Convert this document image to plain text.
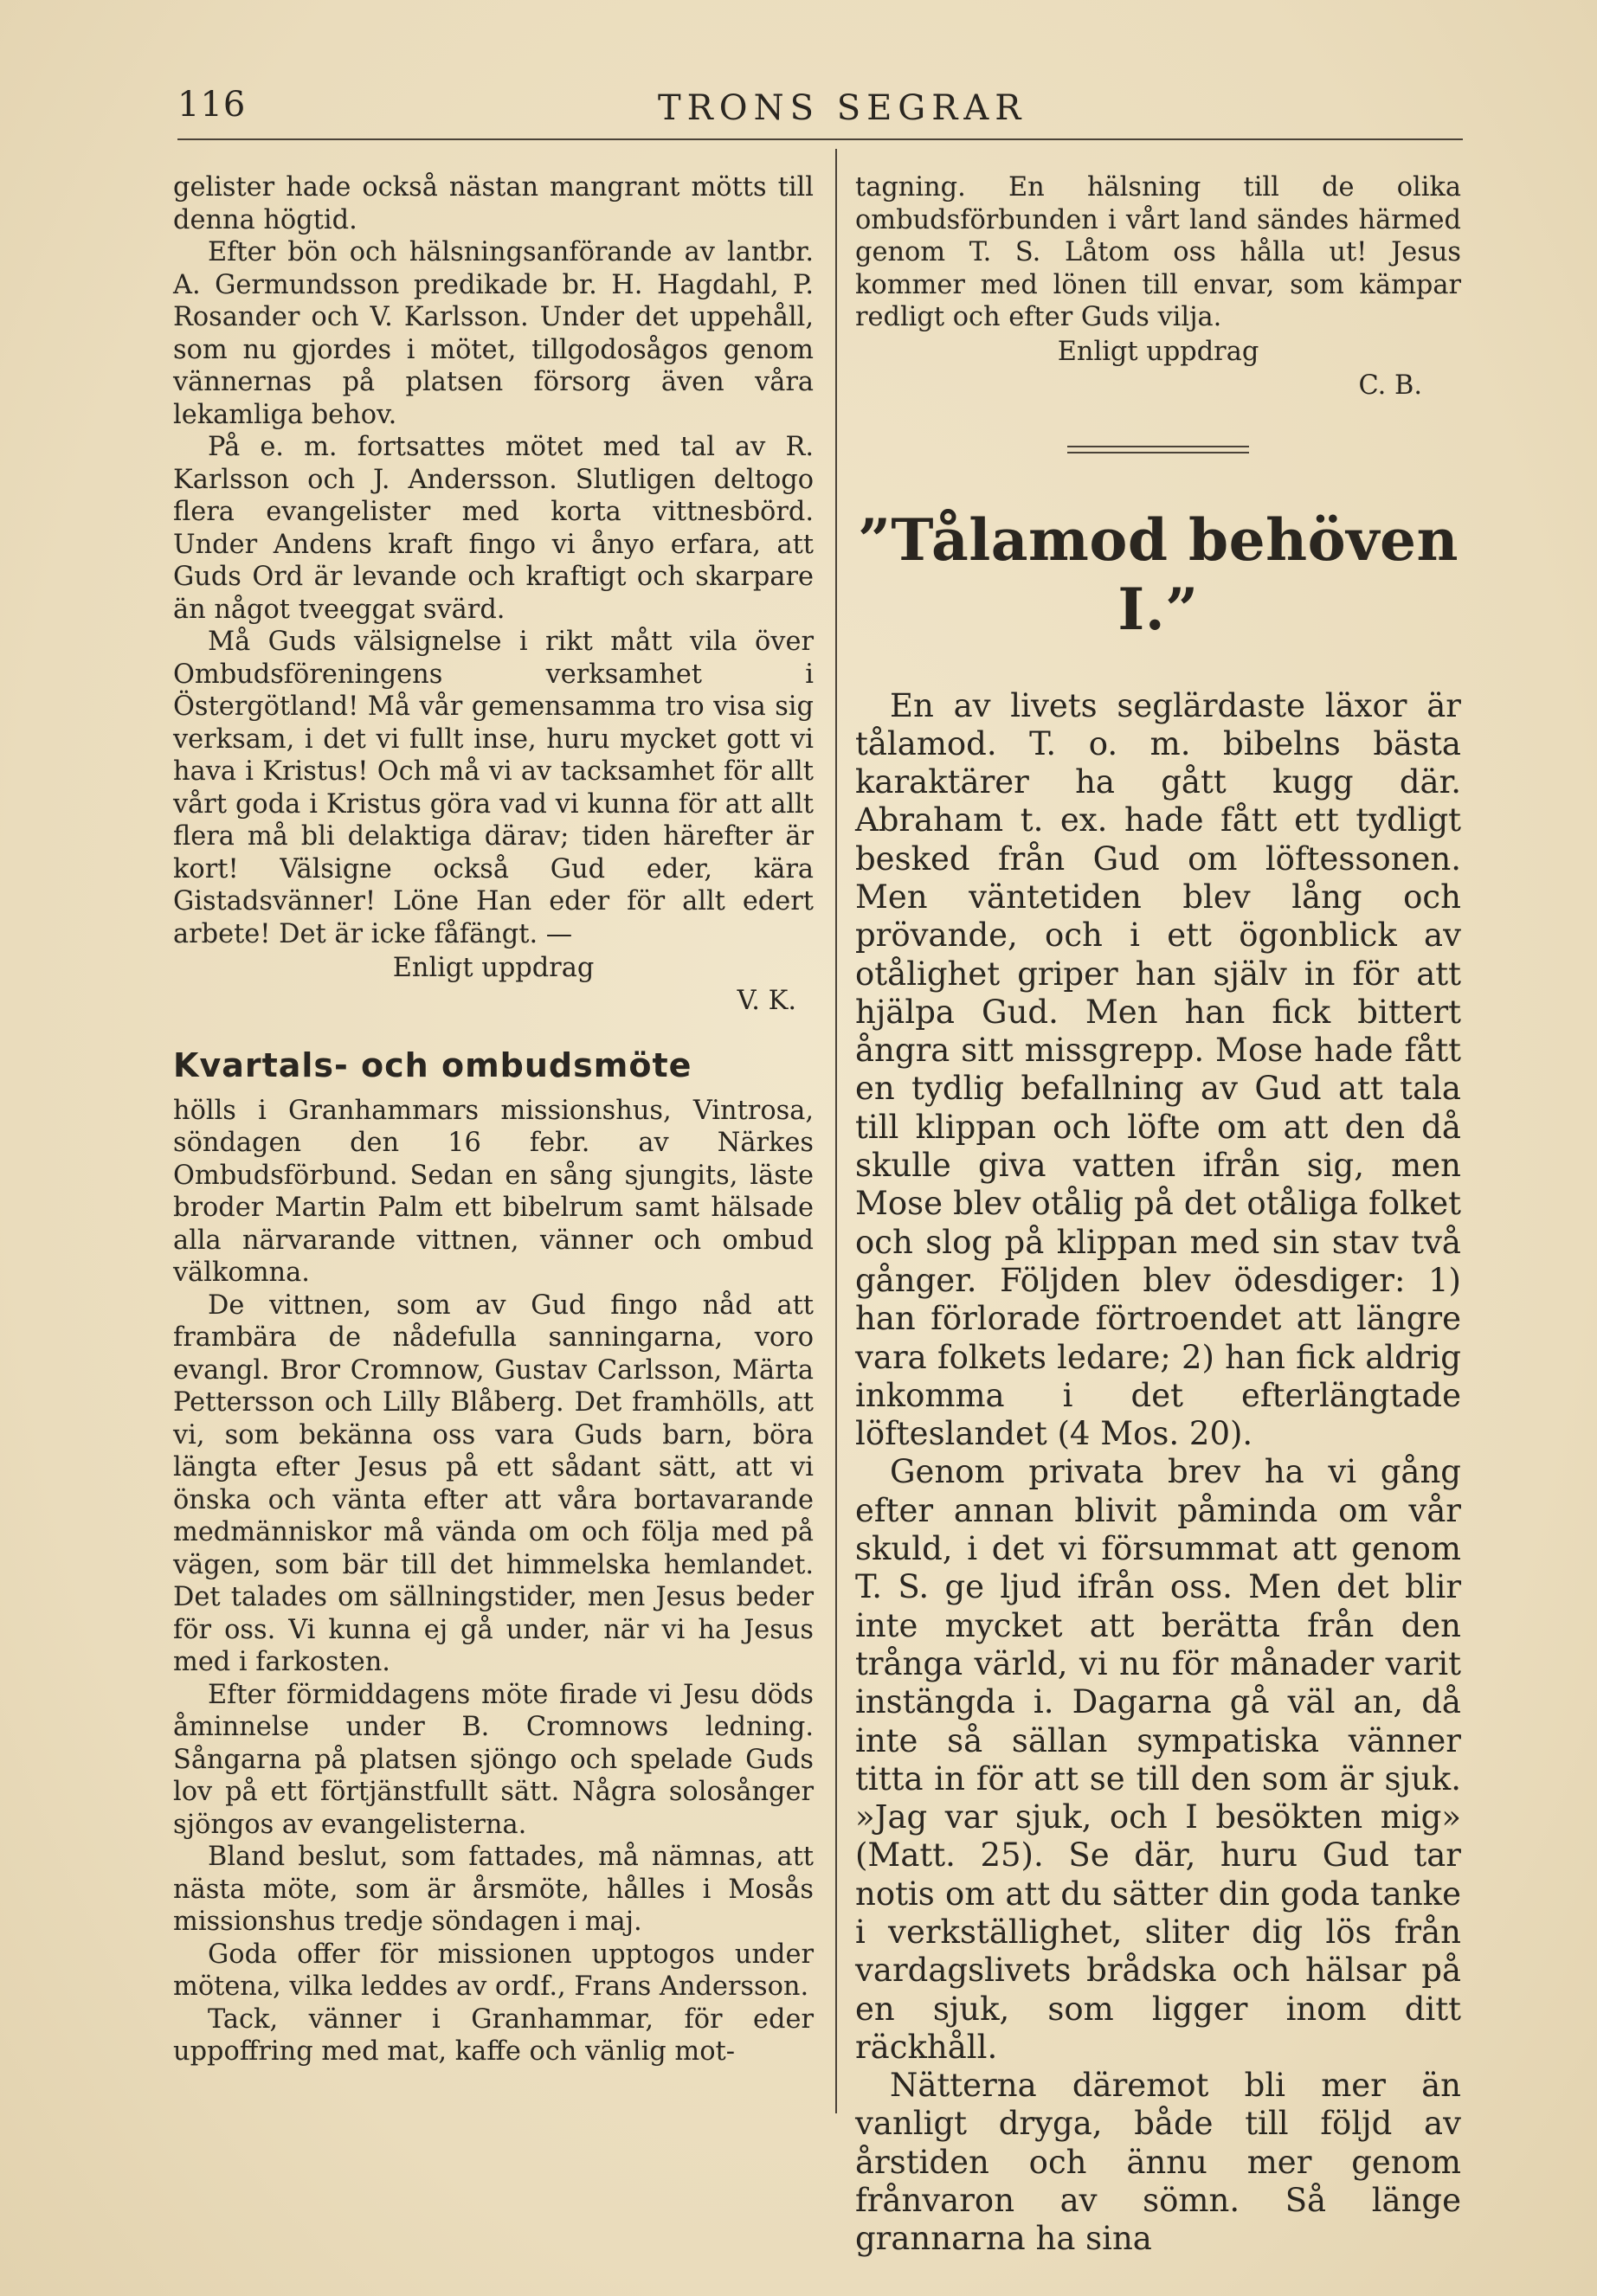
116	TRONS SEGRAR

gelister hade också nästan mangrant mötts till denna högtid.

Efter bön och hälsningsanförande av lantbr. A. Germundsson predikade br. H. Hagdahl, P. Rosander och V. Karlsson. Under det uppehåll, som nu gjordes i mötet, tillgodosågos genom vännernas på platsen försorg även våra lekamliga behov.

På e. m. fortsattes mötet med tal av R. Karlsson och J. Andersson. Slutligen deltogo flera evangelister med korta vittnesbörd. Under Andens kraft fingo vi ånyo erfara, att Guds Ord är levande och kraftigt och skarpare än något tveeggat svärd.

Må Guds välsignelse i rikt mått vila över Ombudsföreningens verksamhet i Östergötland! Må vår gemensamma tro visa sig verksam, i det vi fullt inse, huru mycket gott vi hava i Kristus! Och må vi av tacksamhet för allt vårt goda i Kristus göra vad vi kunna för att allt flera må bli delaktiga därav; tiden härefter är kort! Välsigne också Gud eder, kära Gistadsvänner! Löne Han eder för allt edert arbete! Det är icke fåfängt. —

Enligt uppdrag

V. K.

Kvartals- och ombudsmöte

hölls i Granhammars missionshus, Vintrosa, söndagen den 16 febr. av Närkes Ombudsförbund. Sedan en sång sjungits, läste broder Martin Palm ett bibelrum samt hälsade alla närvarande vittnen, vänner och ombud välkomna.

De vittnen, som av Gud fingo nåd att frambära de nådefulla sanningarna, voro evangl. Bror Cromnow, Gustav Carlsson, Märta Pettersson och Lilly Blåberg. Det framhölls, att vi, som bekänna oss vara Guds barn, böra längta efter Jesus på ett sådant sätt, att vi önska och vänta efter att våra bortavarande medmänniskor må vända om och följa med på vägen, som bär till det himmelska hemlandet. Det talades om sällningstider, men Jesus beder för oss. Vi kunna ej gå under, när vi ha Jesus med i farkosten.

Efter förmiddagens möte firade vi Jesu döds åminnelse under B. Cromnows ledning. Sångarna på platsen sjöngo och spelade Guds lov på ett förtjänstfullt sätt. Några solosånger sjöngos av evangelisterna.

Bland beslut, som fattades, må nämnas, att nästa möte, som är årsmöte, hålles i Mosås missionshus tredje söndagen i maj.

Goda offer för missionen upptogos under mötena, vilka leddes av ordf., Frans Andersson.

Tack, vänner i Granhammar, för eder uppoffring med mat, kaffe och vänlig mot-

tagning. En hälsning till de olika ombudsförbunden i vårt land sändes härmed genom T. S. Låtom oss hålla ut! Jesus kommer med lönen till envar, som kämpar redligt och efter Guds vilja.

Enligt uppdrag

C. B.

”Tålamod behöven I.”

En av livets seglärdaste läxor är tålamod. T. o. m. bibelns bästa karaktärer ha gått kugg där. Abraham t. ex. hade fått ett tydligt besked från Gud om löftessonen. Men väntetiden blev lång och prövande, och i ett ögonblick av otålighet griper han själv in för att hjälpa Gud. Men han fick bittert ångra sitt missgrepp. Mose hade fått en tydlig befallning av Gud att tala till klippan och löfte om att den då skulle giva vatten ifrån sig, men Mose blev otålig på det otåliga folket och slog på klippan med sin stav två gånger. Följden blev ödesdiger: 1) han förlorade förtroendet att längre vara folkets ledare; 2) han fick aldrig inkomma i det efterlängtade löfteslandet (4 Mos. 20).

Genom privata brev ha vi gång efter annan blivit påminda om vår skuld, i det vi försummat att genom T. S. ge ljud ifrån oss. Men det blir inte mycket att berätta från den trånga värld, vi nu för månader varit instängda i. Dagarna gå väl an, då inte så sällan sympatiska vänner titta in för att se till den som är sjuk. »Jag var sjuk, och I besökten mig» (Matt. 25). Se där, huru Gud tar notis om att du sätter din goda tanke i verkställighet, sliter dig lös från vardagslivets brådska och hälsar på en sjuk, som ligger inom ditt räckhåll.

Nätterna däremot bli mer än vanligt dryga, både till följd av årstiden och ännu mer genom frånvaron av sömn. Så länge grannarna ha sina
